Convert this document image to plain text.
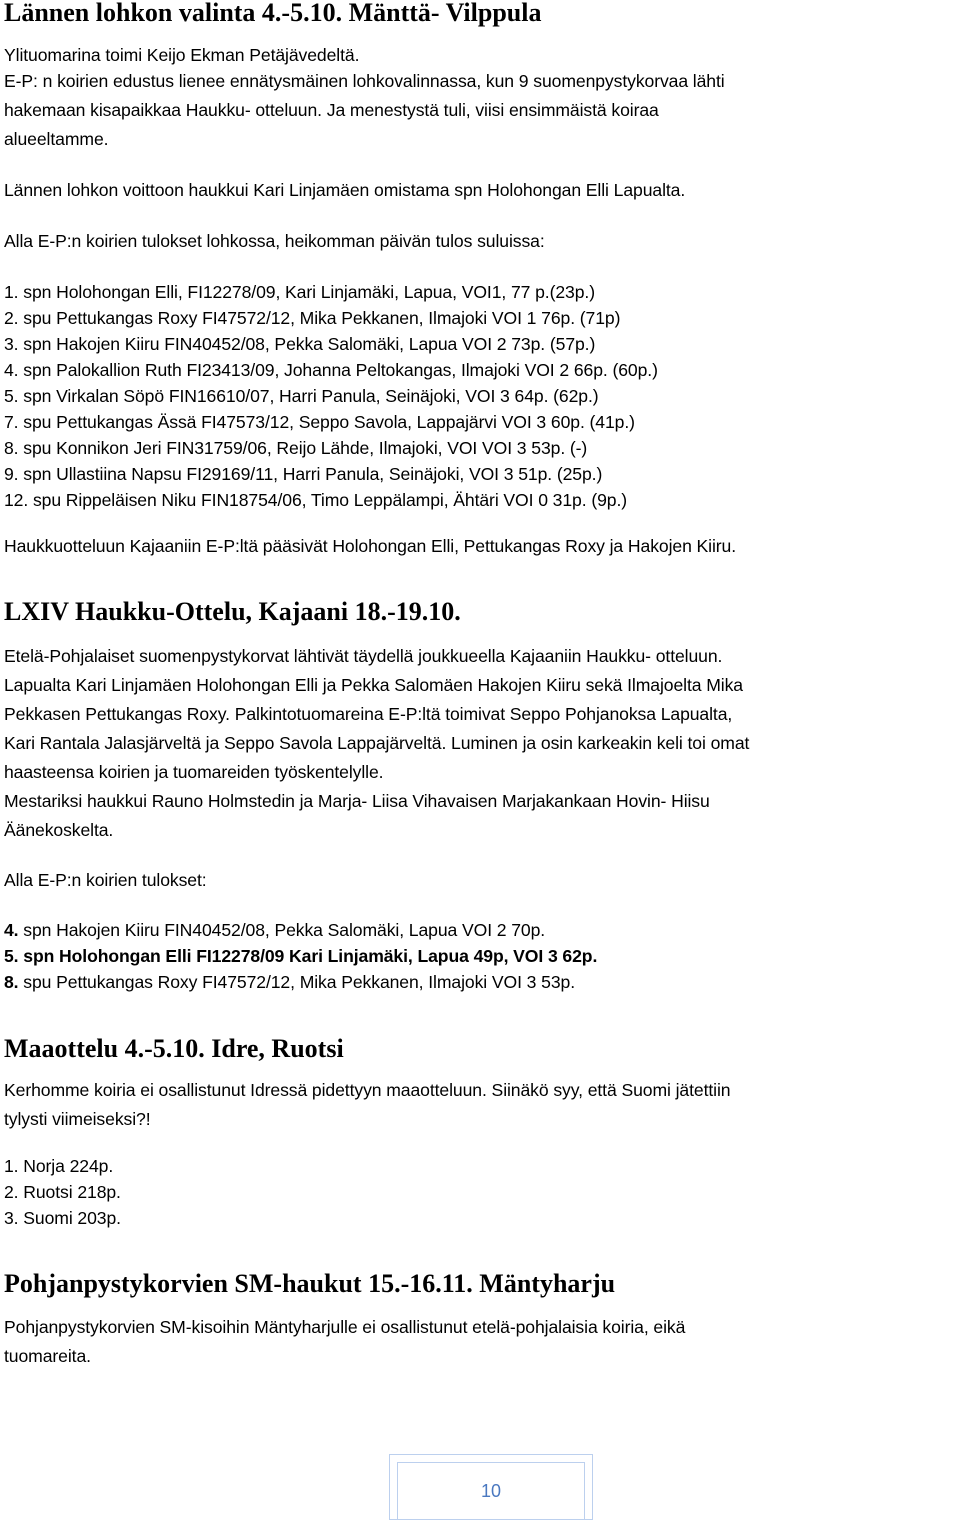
Lännen lohkon valinta 4.-5.10. Mänttä- Vilppula

Ylituomarina toimi Keijo Ekman Petäjävedeltä.

E-P: n koirien edustus lienee ennätysmäinen lohkovalinnassa, kun 9 suomenpystykorvaa lähti
hakemaan kisapaikkaa Haukku- otteluun. Ja menestystä tuli, viisi ensimmäistä koiraa
alueeltamme.

Lännen lohkon voittoon haukkui Kari Linjamäen omistama spn Holohongan Elli Lapualta.

Alla E-P:n koirien tulokset lohkossa, heikomman päivän tulos suluissa:

1. spn Holohongan Elli, FI12278/09, Kari Linjamäki, Lapua, VOI1, 77 p.(23p.)
2. spu Pettukangas Roxy FI47572/12, Mika Pekkanen, Ilmajoki VOI 1 76p. (71p)
3. spn Hakojen Kiiru FIN40452/08, Pekka Salomäki, Lapua VOI 2 73p. (57p.)
4. spn Palokallion Ruth FI23413/09, Johanna Peltokangas, Ilmajoki VOI 2 66p. (60p.)
5. spn Virkalan Söpö FIN16610/07, Harri Panula, Seinäjoki, VOI 3 64p. (62p.)
7. spu Pettukangas Ässä FI47573/12, Seppo Savola, Lappajärvi VOI 3 60p. (41p.)
8. spu Konnikon Jeri FIN31759/06, Reijo Lähde, Ilmajoki, VOI VOI 3 53p. (-)
9. spn Ullastiina Napsu FI29169/11, Harri Panula, Seinäjoki, VOI 3 51p. (25p.)
12. spu Rippeläisen Niku FIN18754/06, Timo Leppälampi, Ähtäri VOI 0 31p. (9p.)

Haukkuotteluun Kajaaniin E-P:ltä pääsivät Holohongan Elli, Pettukangas Roxy ja Hakojen Kiiru.

LXIV Haukku-Ottelu, Kajaani 18.-19.10.
Etelä-Pohjalaiset suomenpystykorvat lähtivät täydellä joukkueella Kajaaniin Haukku- otteluun.
Lapualta Kari Linjamäen Holohongan Elli ja Pekka Salomäen Hakojen Kiiru sekä Ilmajoelta Mika
Pekkasen Pettukangas Roxy. Palkintotuomareina E-P:ltä toimivat Seppo Pohjanoksa Lapualta,
Kari Rantala Jalasjärveltä ja Seppo Savola Lappajärveltä. Luminen ja osin karkeakin keli toi omat
haasteensa koirien ja tuomareiden työskentelylle.
Mestariksi haukkui Rauno Holmstedin ja Marja- Liisa Vihavaisen Marjakankaan Hovin- Hiisu
Äänekoskelta.

Alla E-P:n koirien tulokset:

4. spn Hakojen Kiiru FIN40452/08, Pekka Salomäki, Lapua VOI 2 70p.
5. spn Holohongan Elli FI12278/09 Kari Linjamäki, Lapua 49p, VOI 3 62p.
8. spu Pettukangas Roxy FI47572/12, Mika Pekkanen, Ilmajoki VOI 3 53p.
Maaottelu 4.-5.10. Idre, Ruotsi
Kerhomme koiria ei osallistunut Idressä pidettyyn maaotteluun. Siinäkö syy, että Suomi jätettiin
tylysti viimeiseksi?!
1. Norja 224p.
2. Ruotsi 218p.
3. Suomi 203p.
Pohjanpystykorvien SM-haukut 15.-16.11. Mäntyharju
Pohjanpystykorvien SM-kisoihin Mäntyharjulle ei osallistunut etelä-pohjalaisia koiria, eikä
tuomareita.
10
